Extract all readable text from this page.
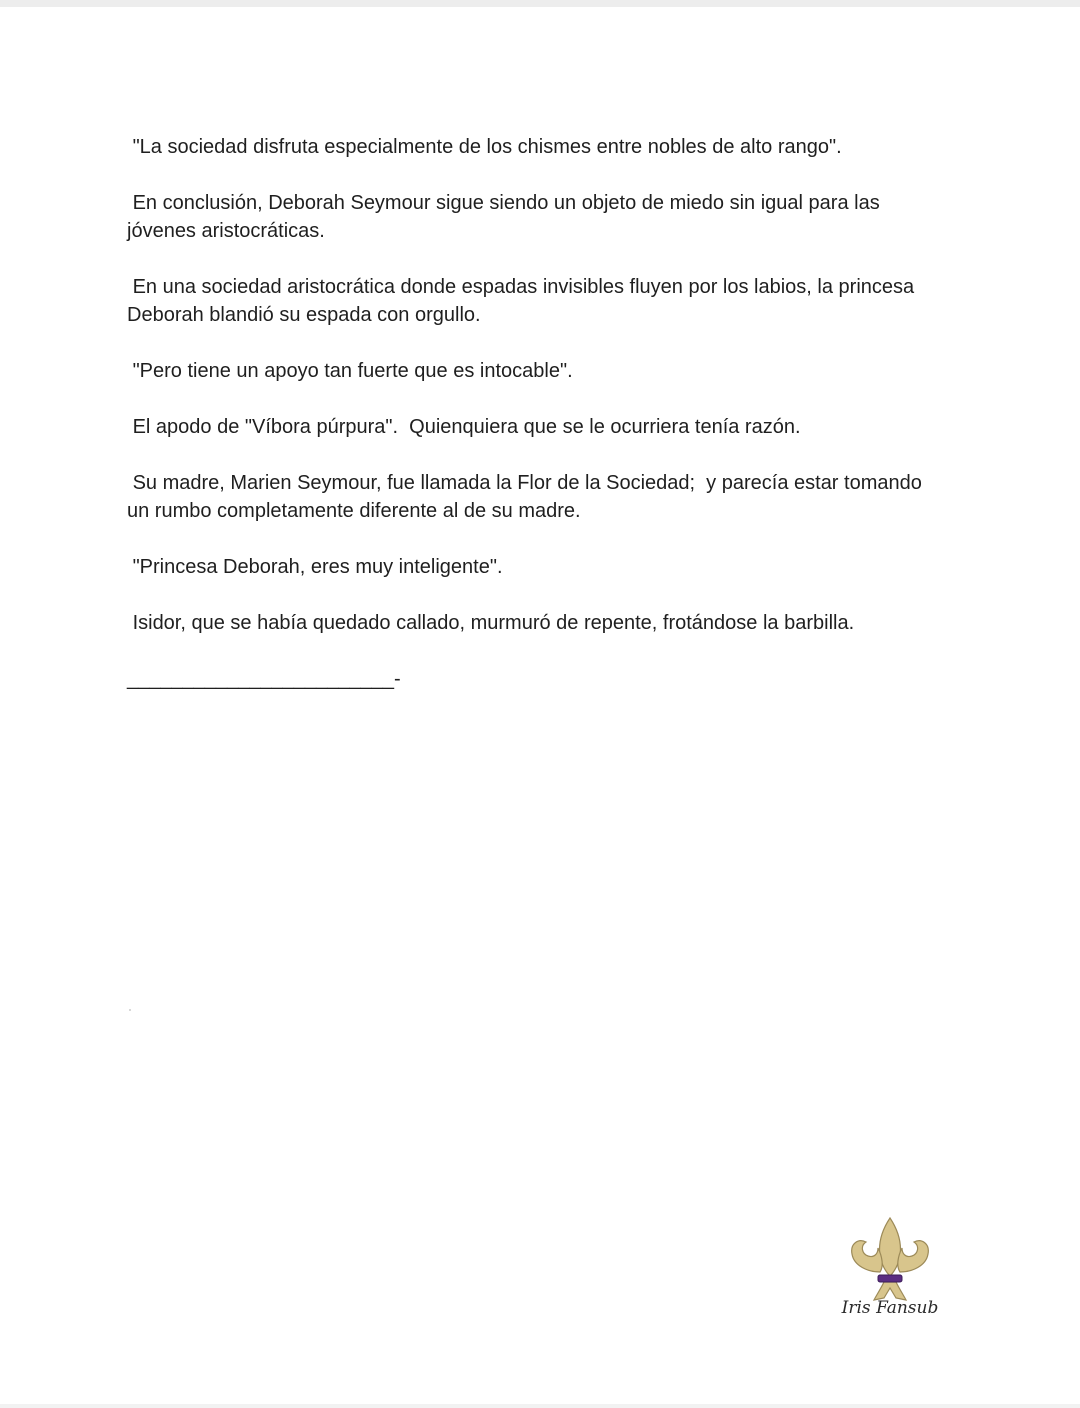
"La sociedad disfruta especialmente de los chismes entre nobles de alto rango".

En conclusión, Deborah Seymour sigue siendo un objeto de miedo sin igual para las jóvenes aristocráticas.

En una sociedad aristocrática donde espadas invisibles fluyen por los labios, la princesa Deborah blandió su espada con orgullo.

"Pero tiene un apoyo tan fuerte que es intocable".

El apodo de "Víbora púrpura".  Quienquiera que se le ocurriera tenía razón.

Su madre, Marien Seymour, fue llamada la Flor de la Sociedad;  y parecía estar tomando un rumbo completamente diferente al de su madre.

"Princesa Deborah, eres muy inteligente".

Isidor, que se había quedado callado, murmuró de repente, frotándose la barbilla.

________________________-

Iris Fansub
